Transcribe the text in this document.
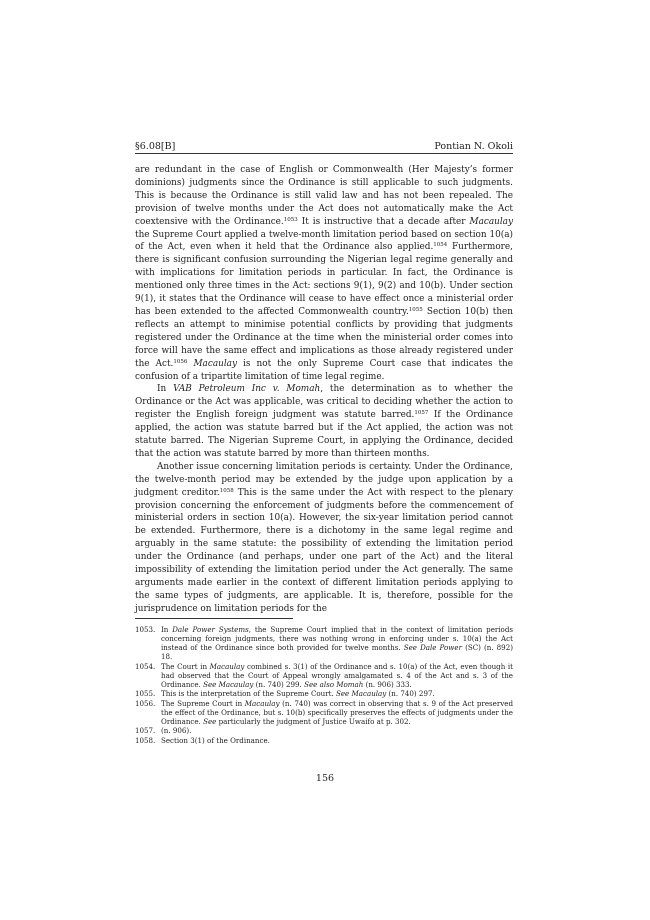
§6.08[B]	Pontian N. Okoli

are redundant in the case of English or Commonwealth (Her Majesty’s former dominions) judgments since the Ordinance is still applicable to such judgments. This is because the Ordinance is still valid law and has not been repealed. The provision of twelve months under the Act does not automatically make the Act coextensive with the Ordinance.$^{1053}$ It is instructive that a decade after Macaulay the Supreme Court applied a twelve-month limitation period based on section 10(a) of the Act, even when it held that the Ordinance also applied.$^{1054}$ Furthermore, there is significant confusion surrounding the Nigerian legal regime generally and with implications for limitation periods in particular. In fact, the Ordinance is mentioned only three times in the Act: sections 9(1), 9(2) and 10(b). Under section 9(1), it states that the Ordinance will cease to have effect once a ministerial order has been extended to the affected Commonwealth country.$^{1055}$ Section 10(b) then reflects an attempt to minimise potential conflicts by providing that judgments registered under the Ordinance at the time when the ministerial order comes into force will have the same effect and implications as those already registered under the Act.$^{1056}$ Macaulay is not the only Supreme Court case that indicates the confusion of a tripartite limitation of time legal regime.

In VAB Petroleum Inc v. Momah, the determination as to whether the Ordinance or the Act was applicable, was critical to deciding whether the action to register the English foreign judgment was statute barred.$^{1057}$ If the Ordinance applied, the action was statute barred but if the Act applied, the action was not statute barred. The Nigerian Supreme Court, in applying the Ordinance, decided that the action was statute barred by more than thirteen months.

Another issue concerning limitation periods is certainty. Under the Ordinance, the twelve-month period may be extended by the judge upon application by a judgment creditor.$^{1058}$ This is the same under the Act with respect to the plenary provision concerning the enforcement of judgments before the commencement of ministerial orders in section 10(a). However, the six-year limitation period cannot be extended. Furthermore, there is a dichotomy in the same legal regime and arguably in the same statute: the possibility of extending the limitation period under the Ordinance (and perhaps, under one part of the Act) and the literal impossibility of extending the limitation period under the Act generally. The same arguments made earlier in the context of different limitation periods applying to the same types of judgments, are applicable. It is, therefore, possible for the jurisprudence on limitation periods for the

1053. In Dale Power Systems, the Supreme Court implied that in the context of limitation periods concerning foreign judgments, there was nothing wrong in enforcing under s. 10(a) the Act instead of the Ordinance since both provided for twelve months. See Dale Power (SC) (n. 892) 18.
1054. The Court in Macaulay combined s. 3(1) of the Ordinance and s. 10(a) of the Act, even though it had observed that the Court of Appeal wrongly amalgamated s. 4 of the Act and s. 3 of the Ordinance. See Macaulay (n. 740) 299. See also Momah (n. 906) 333.
1055. This is the interpretation of the Supreme Court. See Macaulay (n. 740) 297.
1056. The Supreme Court in Macaulay (n. 740) was correct in observing that s. 9 of the Act preserved the effect of the Ordinance, but s. 10(b) specifically preserves the effects of judgments under the Ordinance. See particularly the judgment of Justice Uwaifo at p. 302.
1057. (n. 906).
1058. Section 3(1) of the Ordinance.
156
